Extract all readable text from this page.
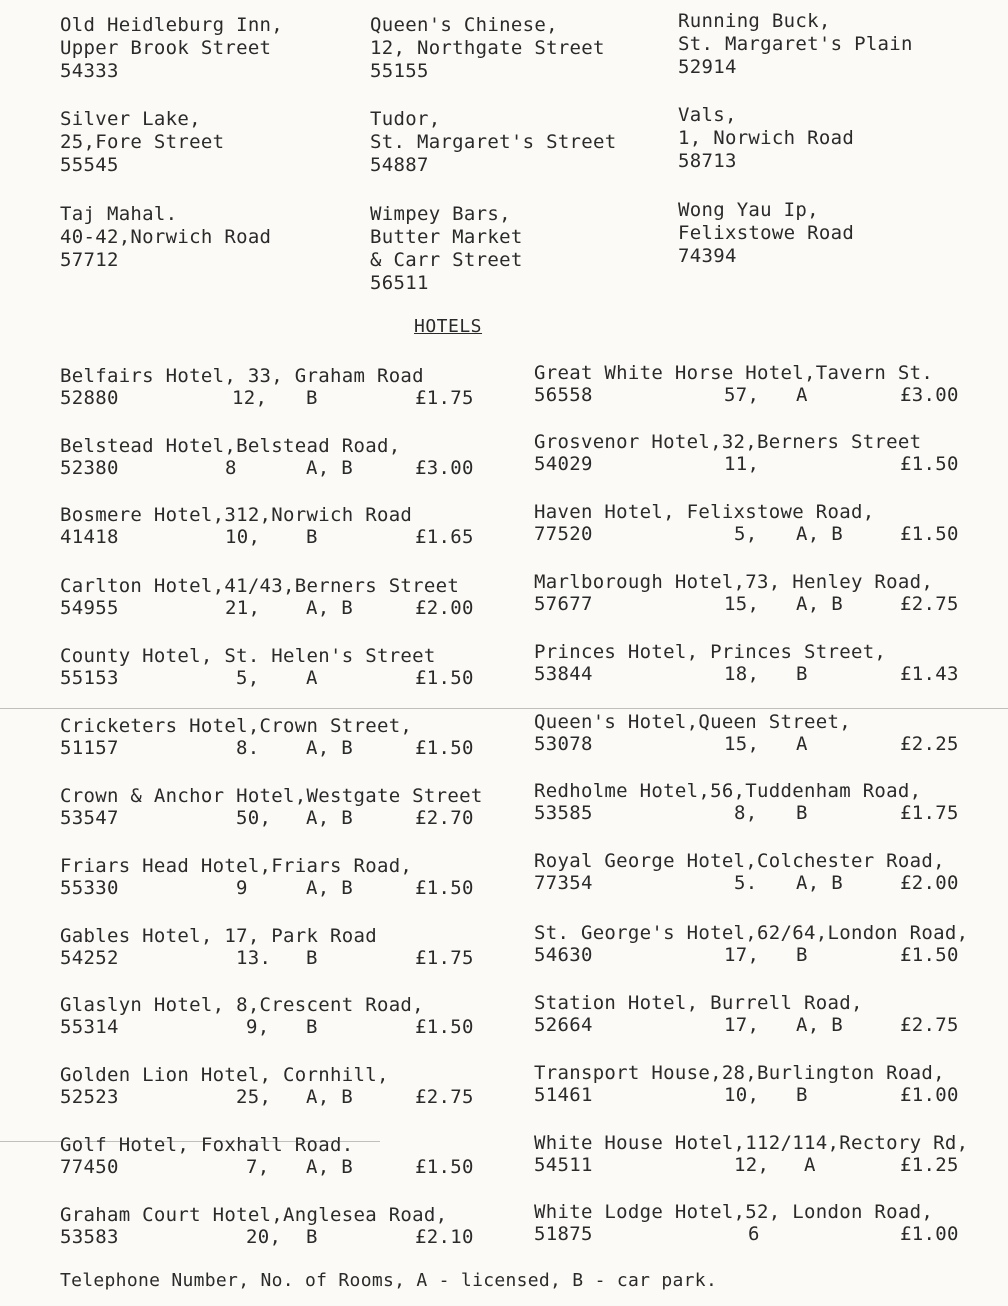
Old Heidleburg Inn,
Upper Brook Street
54333
Queen's Chinese,
12, Northgate Street
55155
Running Buck,
St. Margaret's Plain
52914
Silver Lake,
25,Fore Street
55545
Tudor,
St. Margaret's Street
54887
Vals,
1, Norwich Road
58713
Taj Mahal.
40-42,Norwich Road
57712
Wimpey Bars,
Butter Market
& Carr Street
56511
Wong Yau Ip,
Felixstowe Road
74394
HOTELS
Belfairs Hotel, 33, Graham Road
52880	12, B	£1.75
Belstead Hotel,Belstead Road,
52380	8	A, B	£3.00
Bosmere Hotel,312,Norwich Road
41418	10, B	£1.65
Carlton Hotel,41/43,Berners Street
54955	21, A, B	£2.00
County Hotel, St. Helen's Street
55153	5, A	£1.50
Cricketers Hotel,Crown Street,
51157	8. A, B	£1.50
Crown & Anchor Hotel,Westgate Street
53547	50, A, B	£2.70
Friars Head Hotel,Friars Road,
55330	9	A, B	£1.50
Gables Hotel, 17, Park Road
54252	13. B	£1.75
Glaslyn Hotel, 8,Crescent Road,
55314	9, B	£1.50
Golden Lion Hotel, Cornhill,
52523	25, A, B	£2.75
Golf Hotel, Foxhall Road.
77450	7, A, B	£1.50
Graham Court Hotel,Anglesea Road,
53583	20, B	£2.10
Great White Horse Hotel,Tavern St.
56558	57, A	£3.00
Grosvenor Hotel,32,Berners Street
54029	11,	£1.50
Haven Hotel, Felixstowe Road,
77520	5, A, B	£1.50
Marlborough Hotel,73, Henley Road,
57677	15, A, B	£2.75
Princes Hotel, Princes Street,
53844	18, B	£1.43
Queen's Hotel,Queen Street,
53078	15, A	£2.25
Redholme Hotel,56,Tuddenham Road,
53585	8, B	£1.75
Royal George Hotel,Colchester Road,
77354	5. A, B	£2.00
St. George's Hotel,62/64,London Road,
54630	17, B	£1.50
Station Hotel, Burrell Road,
52664	17, A, B	£2.75
Transport House,28,Burlington Road,
51461	10, B	£1.00
White House Hotel,112/114,Rectory Rd,
54511	12, A	£1.25
White Lodge Hotel,52, London Road,
51875	6	£1.00
Telephone Number, No. of Rooms, A - licensed, B - car park.
